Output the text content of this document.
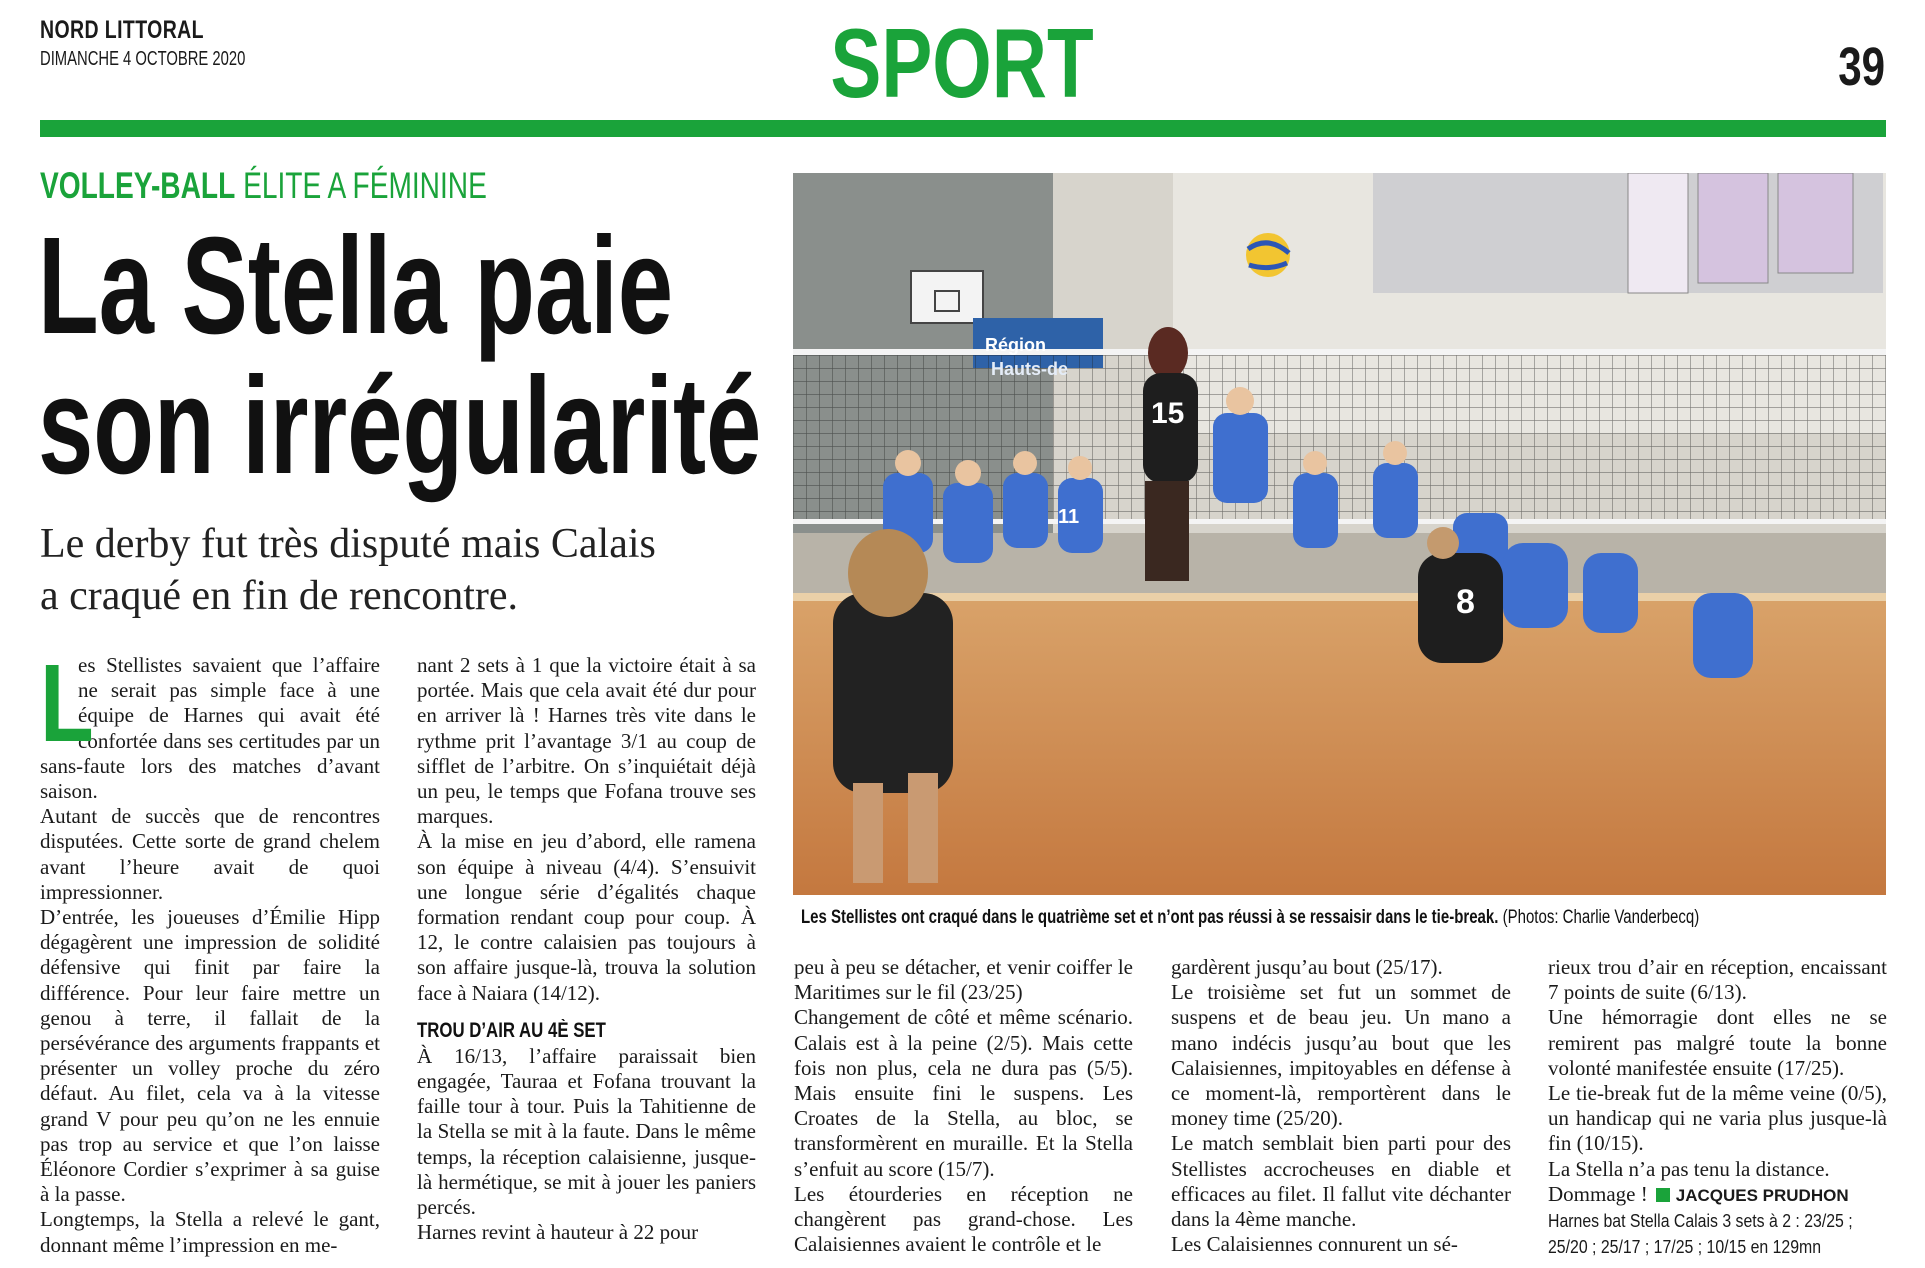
NORD LITTORAL
DIMANCHE 4 OCTOBRE 2020	SPORT	39
VOLLEY-BALL ÉLITE A FÉMININE
La Stella paie
son irrégularité
Le derby fut très disputé mais Calais
a craqué en fin de rencontre.
L

es Stellistes savaient que l’affaire ne serait pas simple face à une équipe de Harnes qui avait été confortée dans ses certitudes par un sans-faute lors des matches d’avant saison.

Autant de succès que de rencontres disputées. Cette sorte de grand chelem avant l’heure avait de quoi impressionner.

D’entrée, les joueuses d’Émilie Hipp dégagèrent une impression de solidité défensive qui finit par faire la différence. Pour leur faire mettre un genou à terre, il fallait de la persévérance des arguments frappants et présenter un volley proche du zéro défaut. Au filet, cela va à la vitesse grand V pour peu qu’on ne les ennuie pas trop au service et que l’on laisse Éléonore Cordier s’exprimer à sa guise à la passe.

Longtemps, la Stella a relevé le gant, donnant même l’impression en me-

nant 2 sets à 1 que la victoire était à sa portée. Mais que cela avait été dur pour en arriver là ! Harnes très vite dans le rythme prit l’avantage 3/1 au coup de sifflet de l’arbitre. On s’inquiétait déjà un peu, le temps que Fofana trouve ses marques.

À la mise en jeu d’abord, elle ramena son équipe à niveau (4/4). S’ensuivit une longue série d’égalités chaque formation rendant coup pour coup. À 12, le contre calaisien pas toujours à son affaire jusque-là, trouva la solution face à Naiara (14/12).

TROU D’AIR AU 4È SET

À 16/13, l’affaire paraissait bien engagée, Tauraa et Fofana trouvant la faille tour à tour. Puis la Tahitienne de la Stella se mit à la faute. Dans le même temps, la réception calaisienne, jusque-là hermétique, se mit à jouer les paniers percés.

Harnes revint à hauteur à 22 pour

Région
Hauts-de
15
11
8
Les Stellistes ont craqué dans le quatrième set et n’ont pas réussi à se ressaisir dans le tie-break. (Photos: Charlie Vanderbecq)

peu à peu se détacher, et venir coiffer le Maritimes sur le fil (23/25)

Changement de côté et même scénario. Calais est à la peine (2/5). Mais cette fois non plus, cela ne dura pas (5/5). Mais ensuite fini le suspens. Les Croates de la Stella, au bloc, se transformèrent en muraille. Et la Stella s’enfuit au score (15/7).

Les étourderies en réception ne changèrent pas grand-chose. Les Calaisiennes avaient le contrôle et le

gardèrent jusqu’au bout (25/17).

Le troisième set fut un sommet de suspens et de beau jeu. Un mano a mano indécis jusqu’au bout que les Calaisiennes, impitoyables en défense à ce moment-là, remportèrent dans le money time (25/20).

Le match semblait bien parti pour des Stellistes accrocheuses en diable et efficaces au filet. Il fallut vite déchanter dans la 4ème manche.

Les Calaisiennes connurent un sé-

rieux trou d’air en réception, encaissant 7 points de suite (6/13).

Une hémorragie dont elles ne se remirent pas malgré toute la bonne volonté manifestée ensuite (17/25).

Le tie-break fut de la même veine (0/5), un handicap qui ne varia plus jusque-là fin (10/15).

La Stella n’a pas tenu la distance.

Dommage ! JACQUES PRUDHON

Harnes bat Stella Calais 3 sets à 2 : 23/25 ;
25/20 ; 25/17 ; 17/25 ; 10/15 en 129mn
